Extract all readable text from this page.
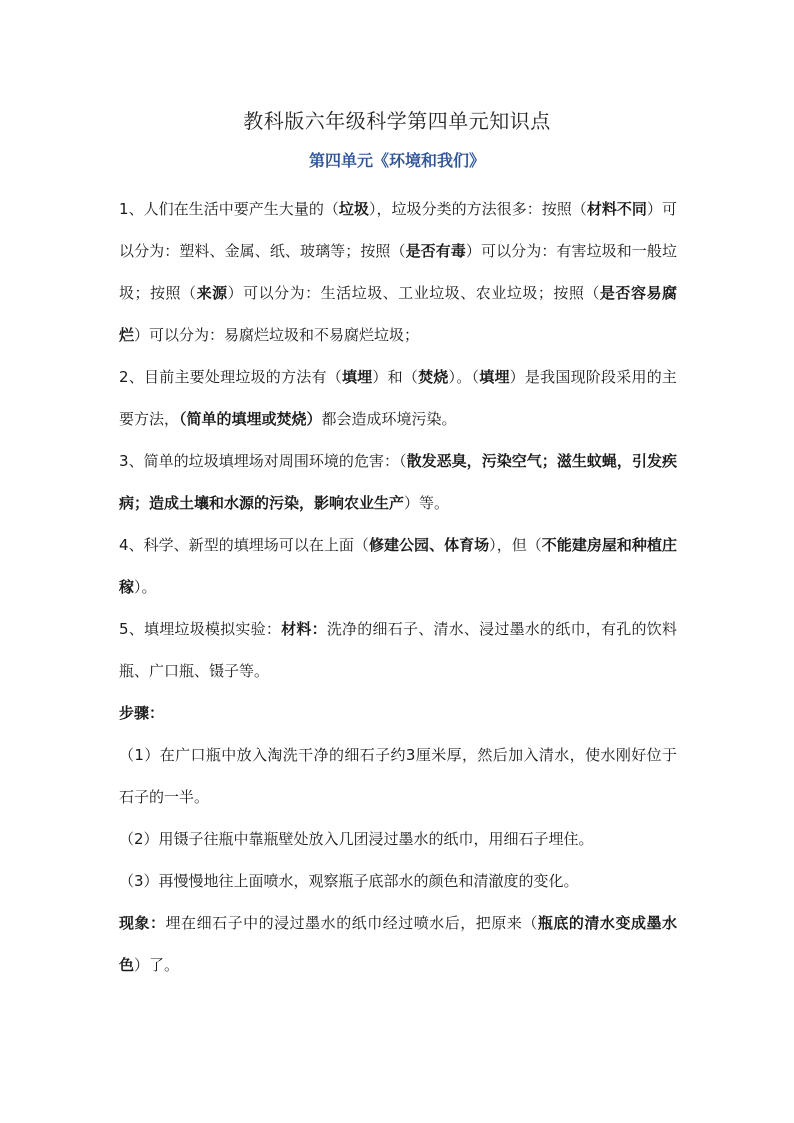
教科版六年级科学第四单元知识点
第四单元《环境和我们》

1、人们在生活中要产生大量的（垃圾），垃圾分类的方法很多：按照（材料不同）可以分为：塑料、金属、纸、玻璃等；按照（是否有毒）可以分为：有害垃圾和一般垃圾；按照（来源）可以分为：生活垃圾、工业垃圾、农业垃圾；按照（是否容易腐烂）可以分为：易腐烂垃圾和不易腐烂垃圾；

2、目前主要处理垃圾的方法有（填埋）和（焚烧）。（填埋）是我国现阶段采用的主要方法，（简单的填埋或焚烧）都会造成环境污染。

3、简单的垃圾填埋场对周围环境的危害：（散发恶臭，污染空气；滋生蚊蝇，引发疾病；造成土壤和水源的污染，影响农业生产）等。

4、科学、新型的填埋场可以在上面（修建公园、体育场），但（不能建房屋和种植庄稼）。

5、填埋垃圾模拟实验：材料：洗净的细石子、清水、浸过墨水的纸巾，有孔的饮料瓶、广口瓶、镊子等。

步骤：

（1）在广口瓶中放入淘洗干净的细石子约3厘米厚，然后加入清水，使水刚好位于石子的一半。

（2）用镊子往瓶中靠瓶壁处放入几团浸过墨水的纸巾，用细石子埋住。

（3）再慢慢地往上面喷水，观察瓶子底部水的颜色和清澈度的变化。

现象：埋在细石子中的浸过墨水的纸巾经过喷水后，把原来（瓶底的清水变成墨水色）了。
